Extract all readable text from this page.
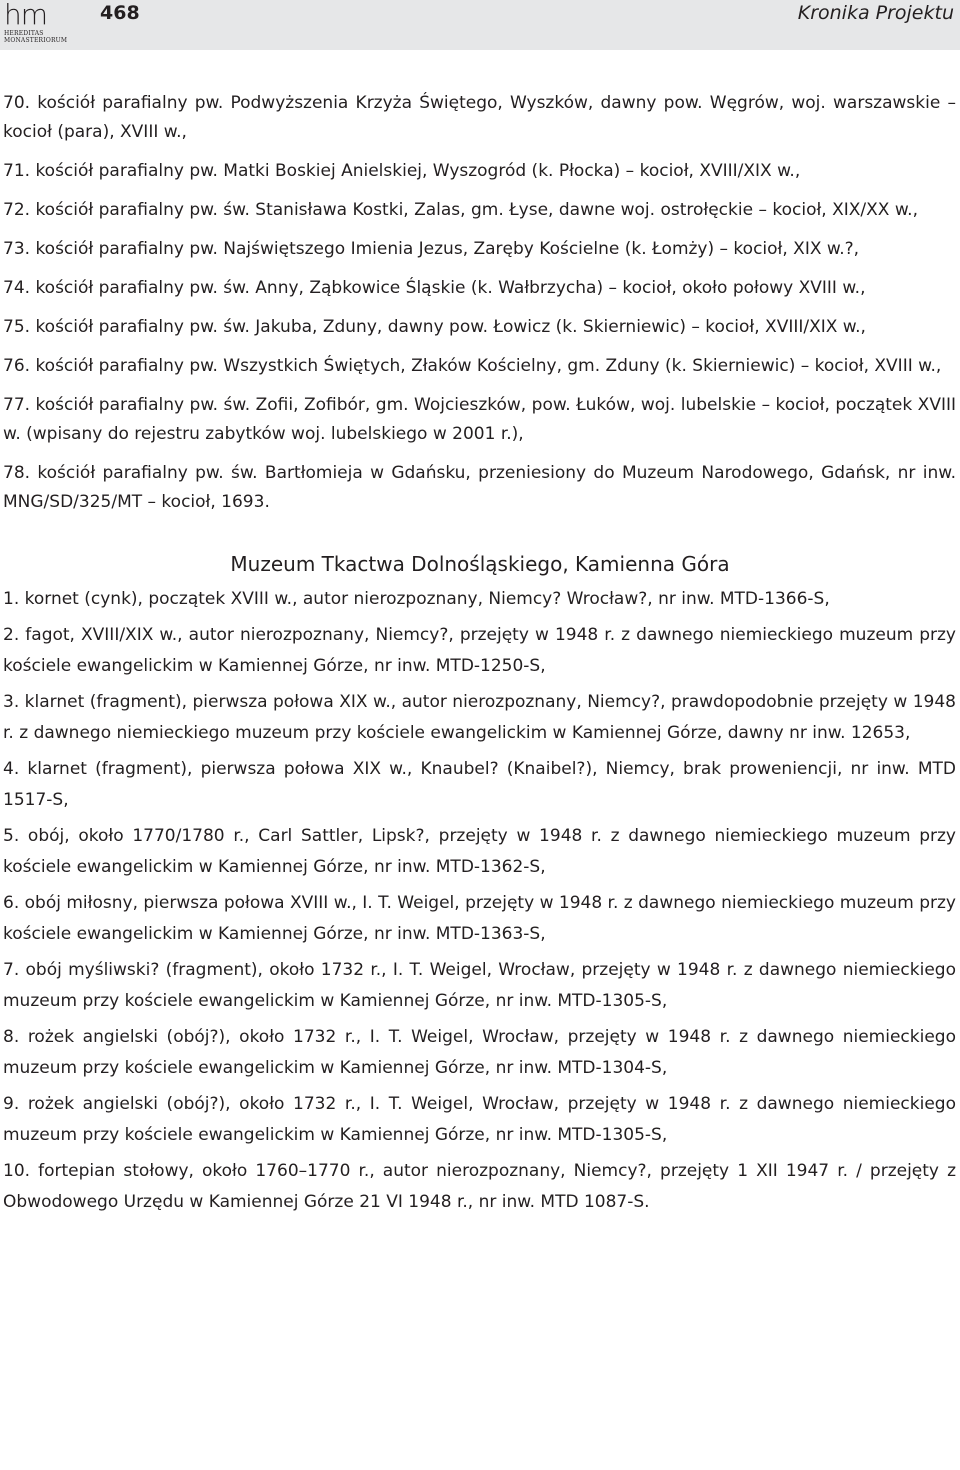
hm
HEREDITAS
MONASTERIORUM
468	Kronika Projektu
70. kościół parafialny pw. Podwyższenia Krzyża Świętego, Wyszków, dawny pow. Węgrów, woj. warszawskie – kocioł (para), XVIII w.,
71. kościół parafialny pw. Matki Boskiej Anielskiej, Wyszogród (k. Płocka) – kocioł, XVIII/XIX w.,
72. kościół parafialny pw. św. Stanisława Kostki, Zalas, gm. Łyse, dawne woj. ostrołęckie – kocioł, XIX/XX w.,
73. kościół parafialny pw. Najświętszego Imienia Jezus, Zaręby Kościelne (k. Łomży) – kocioł, XIX w.?,
74. kościół parafialny pw. św. Anny, Ząbkowice Śląskie (k. Wałbrzycha) – kocioł, około połowy XVIII w.,
75. kościół parafialny pw. św. Jakuba, Zduny, dawny pow. Łowicz (k. Skierniewic) – kocioł, XVIII/XIX w.,
76. kościół parafialny pw. Wszystkich Świętych, Złaków Kościelny, gm. Zduny (k. Skierniewic) – kocioł, XVIII w.,
77. kościół parafialny pw. św. Zofii, Zofibór, gm. Wojcieszków, pow. Łuków, woj. lubelskie – kocioł, początek XVIII w. (wpisany do rejestru zabytków woj. lubelskiego w 2001 r.),
78. kościół parafialny pw. św. Bartłomieja w Gdańsku, przeniesiony do Muzeum Narodowego, Gdańsk, nr inw. MNG/SD/325/MT – kocioł, 1693.
Muzeum Tkactwa Dolnośląskiego, Kamienna Góra
1. kornet (cynk), początek XVIII w., autor nierozpoznany, Niemcy? Wrocław?, nr inw. MTD-1366-S,
2. fagot, XVIII/XIX w., autor nierozpoznany, Niemcy?, przejęty w 1948 r. z dawnego niemieckiego muzeum przy kościele ewangelickim w Kamiennej Górze, nr inw. MTD-1250-S,
3. klarnet (fragment), pierwsza połowa XIX w., autor nierozpoznany, Niemcy?, prawdopodobnie przejęty w 1948 r. z dawnego niemieckiego muzeum przy kościele ewangelickim w Kamiennej Górze, dawny nr inw. 12653,
4. klarnet (fragment), pierwsza połowa XIX w., Knaubel? (Knaibel?), Niemcy, brak proweniencji, nr inw. MTD 1517-S,
5. obój, około 1770/1780 r., Carl Sattler, Lipsk?, przejęty w 1948 r. z dawnego niemieckiego muzeum przy kościele ewangelickim w Kamiennej Górze, nr inw. MTD-1362-S,
6. obój miłosny, pierwsza połowa XVIII w., I. T. Weigel, przejęty w 1948 r. z dawnego niemieckiego muzeum przy kościele ewangelickim w Kamiennej Górze, nr inw. MTD-1363-S,
7. obój myśliwski? (fragment), około 1732 r., I. T. Weigel, Wrocław, przejęty w 1948 r. z dawnego niemieckiego muzeum przy kościele ewangelickim w Kamiennej Górze, nr inw. MTD-1305-S,
8. rożek angielski (obój?), około 1732 r., I. T. Weigel, Wrocław, przejęty w 1948 r. z dawnego niemieckiego muzeum przy kościele ewangelickim w Kamiennej Górze, nr inw. MTD-1304-S,
9. rożek angielski (obój?), około 1732 r., I. T. Weigel, Wrocław, przejęty w 1948 r. z dawnego niemieckiego muzeum przy kościele ewangelickim w Kamiennej Górze, nr inw. MTD-1305-S,
10. fortepian stołowy, około 1760–1770 r., autor nierozpoznany, Niemcy?, przejęty 1 XII 1947 r. / przejęty z Obwodowego Urzędu w Kamiennej Górze 21 VI 1948 r., nr inw. MTD 1087-S.
